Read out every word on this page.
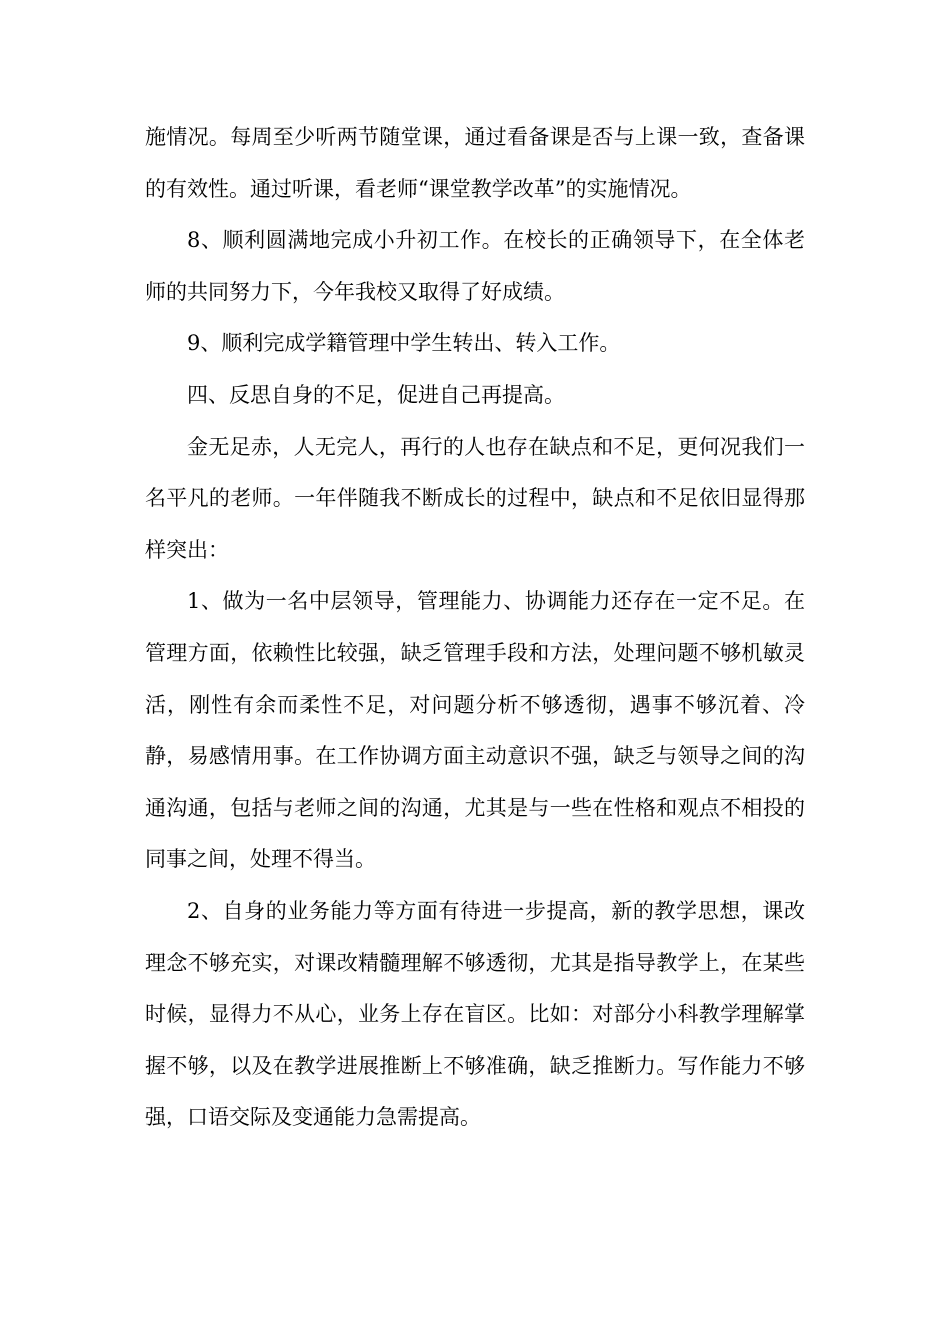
施情况。每周至少听两节随堂课，通过看备课是否与上课一致，查备课的有效性。通过听课，看老师“课堂教学改革”的实施情况。

8、顺利圆满地完成小升初工作。在校长的正确领导下，在全体老师的共同努力下，今年我校又取得了好成绩。

9、顺利完成学籍管理中学生转出、转入工作。

四、反思自身的不足，促进自己再提高。

金无足赤，人无完人，再行的人也存在缺点和不足，更何况我们一名平凡的老师。一年伴随我不断成长的过程中，缺点和不足依旧显得那样突出：

1、做为一名中层领导，管理能力、协调能力还存在一定不足。在管理方面，依赖性比较强，缺乏管理手段和方法，处理问题不够机敏灵活，刚性有余而柔性不足，对问题分析不够透彻，遇事不够沉着、冷静，易感情用事。在工作协调方面主动意识不强，缺乏与领导之间的沟通沟通，包括与老师之间的沟通，尤其是与一些在性格和观点不相投的同事之间，处理不得当。

2、自身的业务能力等方面有待进一步提高，新的教学思想，课改理念不够充实，对课改精髓理解不够透彻，尤其是指导教学上，在某些时候，显得力不从心，业务上存在盲区。比如：对部分小科教学理解掌握不够，以及在教学进展推断上不够准确，缺乏推断力。写作能力不够强，口语交际及变通能力急需提高。
